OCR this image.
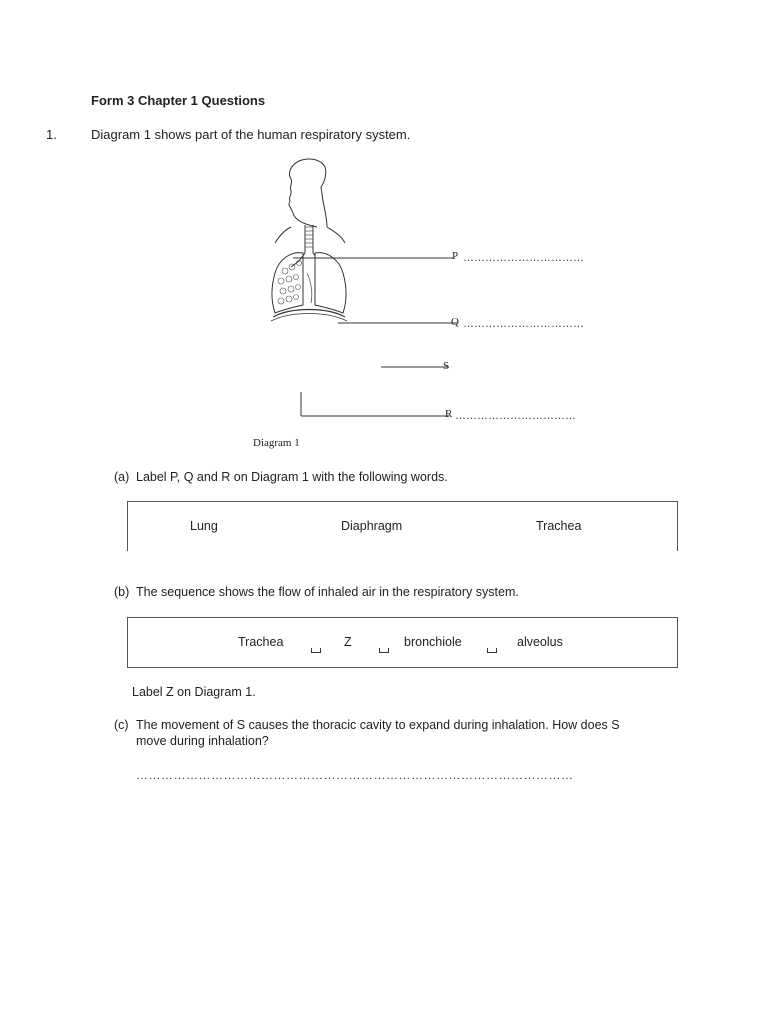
Form 3 Chapter 1 Questions
1.	Diagram 1 shows part of the human respiratory system.
P ……………………………
Q ……………………………
S
R ……………………………
Diagram 1
(a) Label P, Q and R on Diagram 1 with the following words.
Lung	Diaphragm	Trachea
(b) The sequence shows the flow of inhaled air in the respiratory system.
Trachea	Z	bronchiole	alveolus
Label Z on Diagram 1.
(c) The movement of S causes the thoracic cavity to expand during inhalation. How does S
move during inhalation?
……………………………………………………………………………………………
